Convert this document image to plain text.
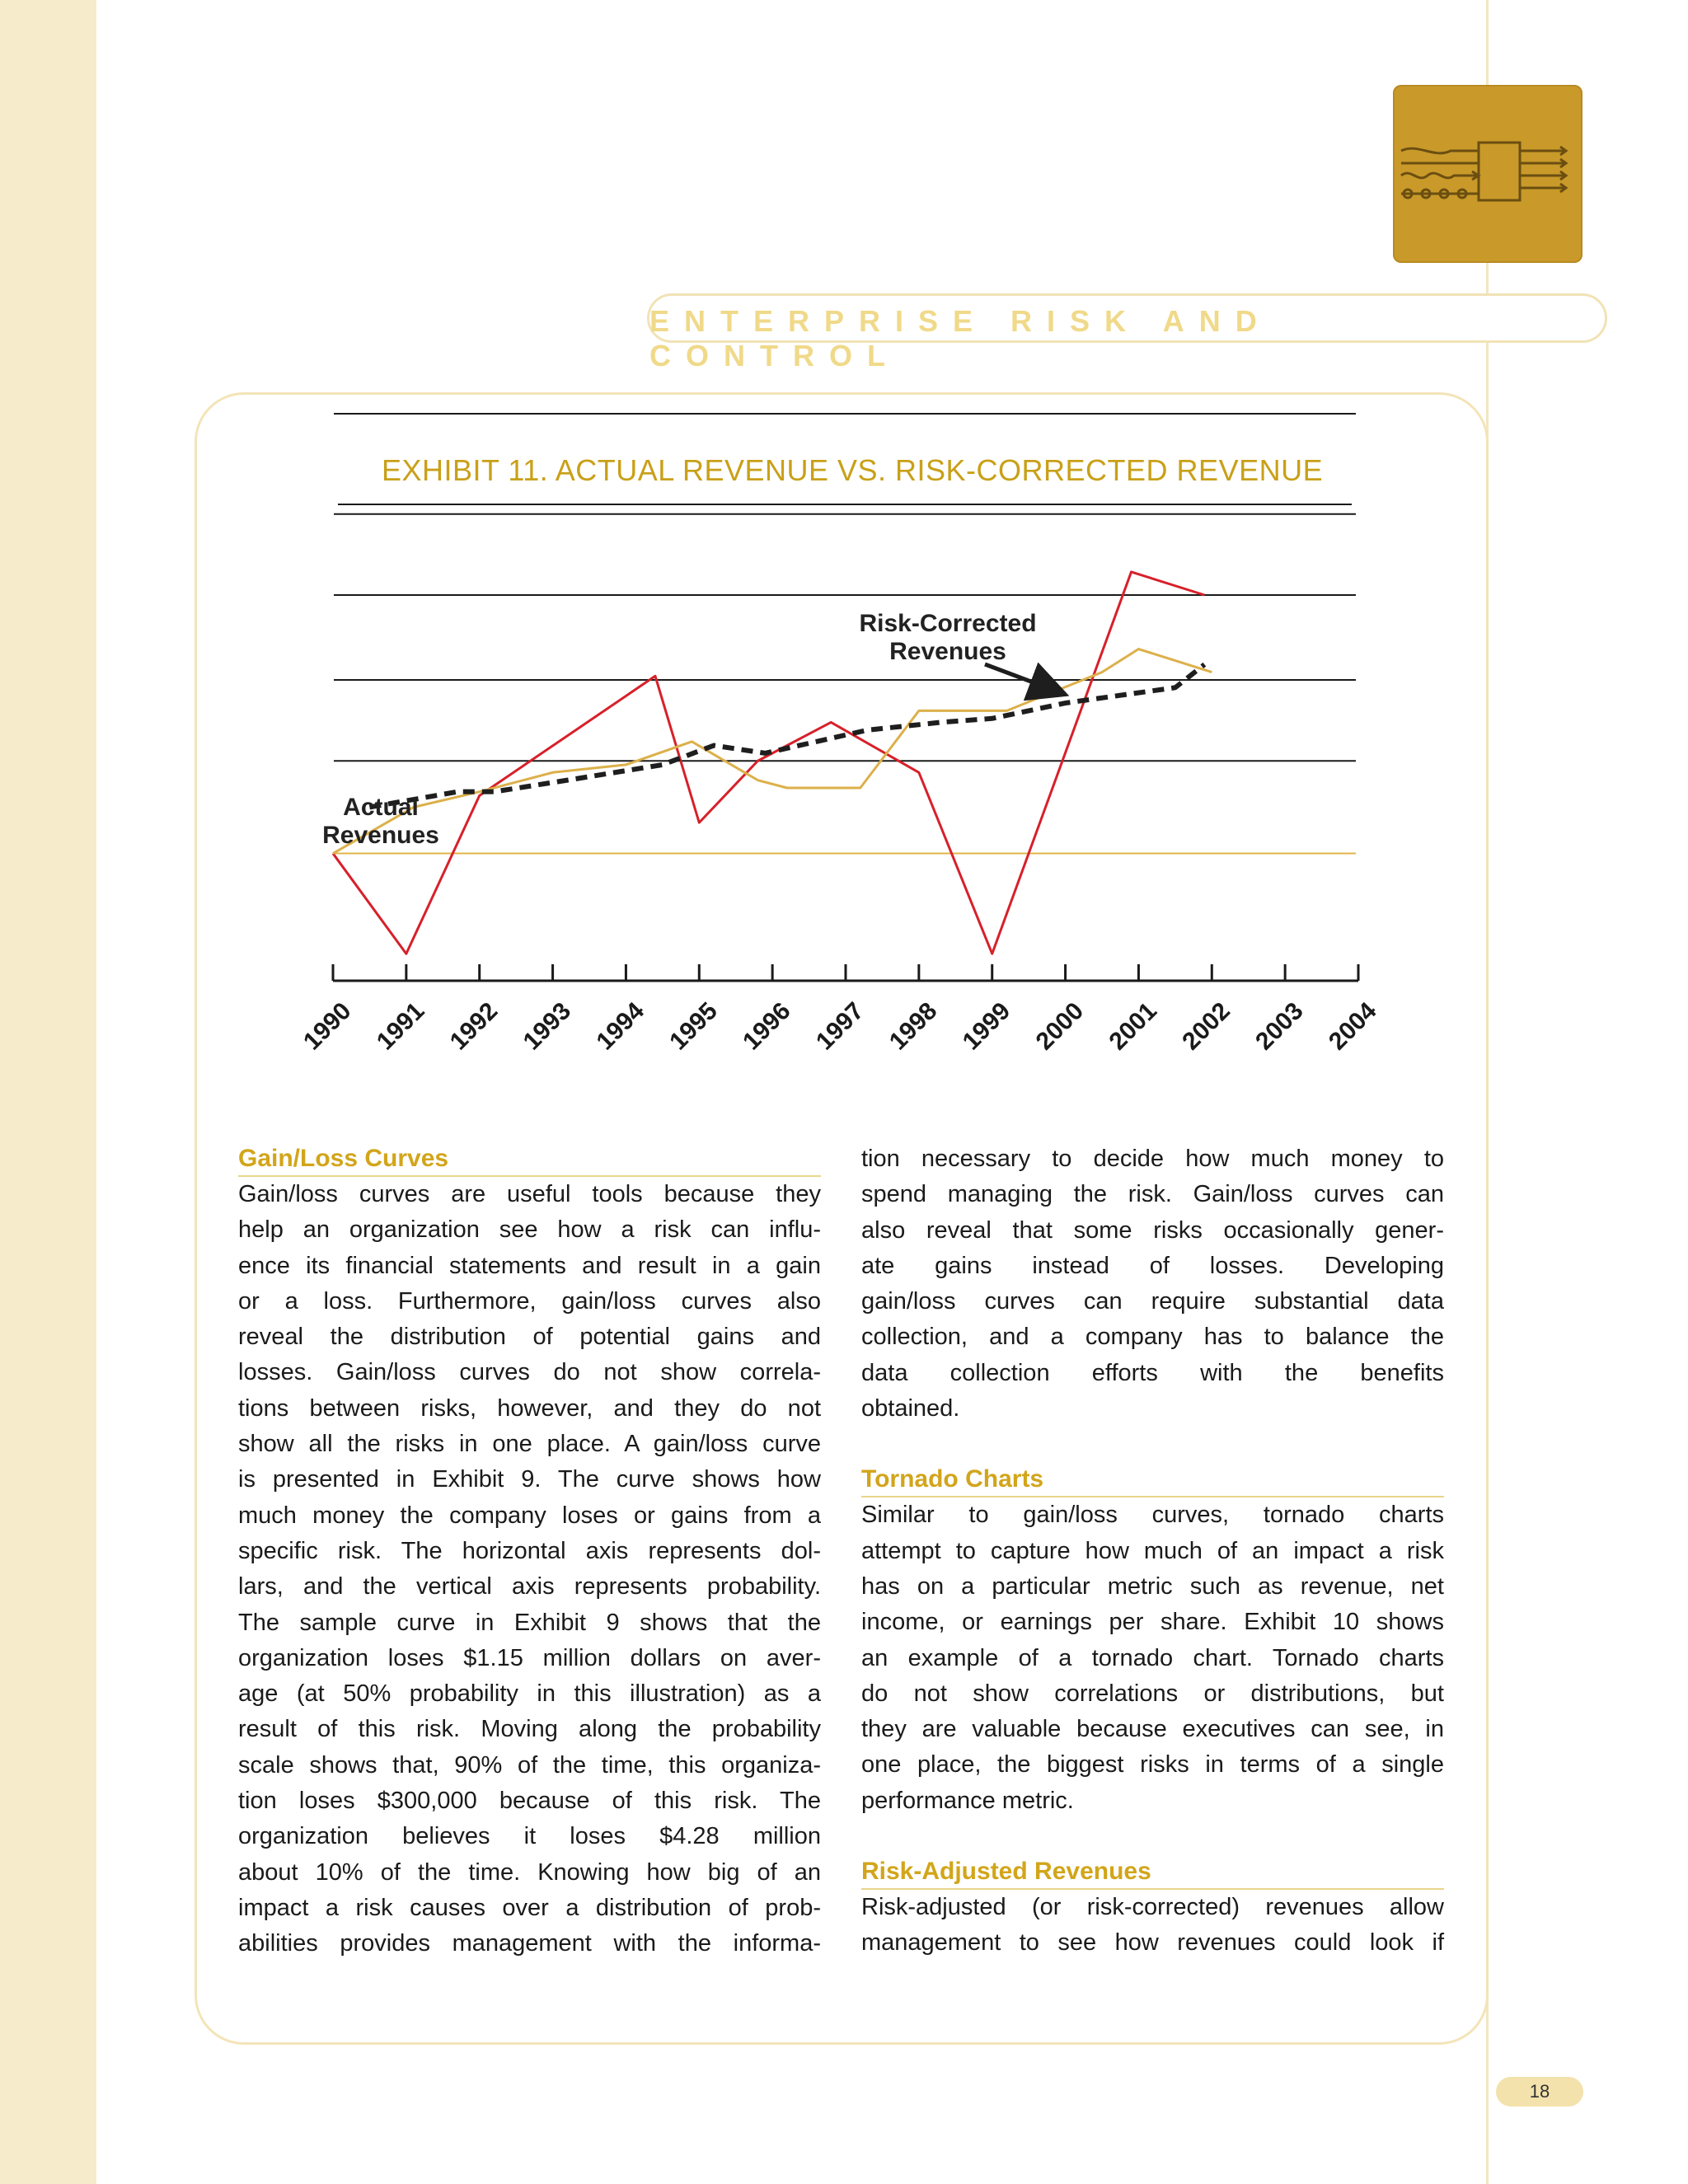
ENTERPRISE RISK AND CONTROL
EXHIBIT 11. ACTUAL REVENUE VS. RISK-CORRECTED REVENUE
1990 1991 1992 1993 1994 1995 1996 1997 1998 1999 2000 2001 2002 2003 2004
Risk-Corrected Revenues
Actual Revenues

Gain/Loss Curves

Gain/loss curves are useful tools because they
help an organization see how a risk can influ-
ence its financial statements and result in a gain
or a loss. Furthermore, gain/loss curves also
reveal the distribution of potential gains and
losses. Gain/loss curves do not show correla-
tions between risks, however, and they do not
show all the risks in one place. A gain/loss curve
is presented in Exhibit 9. The curve shows how
much money the company loses or gains from a
specific risk. The horizontal axis represents dol-
lars, and the vertical axis represents probability.
The sample curve in Exhibit 9 shows that the
organization loses $1.15 million dollars on aver-
age (at 50% probability in this illustration) as a
result of this risk. Moving along the probability
scale shows that, 90% of the time, this organiza-
tion loses $300,000 because of this risk. The
organization believes it loses $4.28 million
about 10% of the time. Knowing how big of an
impact a risk causes over a distribution of prob-
abilities provides management with the informa-
tion necessary to decide how much money to
spend managing the risk. Gain/loss curves can
also reveal that some risks occasionally gener-
ate gains instead of losses. Developing
gain/loss curves can require substantial data
collection, and a company has to balance the
data collection efforts with the benefits
obtained.

Tornado Charts

Similar to gain/loss curves, tornado charts
attempt to capture how much of an impact a risk
has on a particular metric such as revenue, net
income, or earnings per share. Exhibit 10 shows
an example of a tornado chart. Tornado charts
do not show correlations or distributions, but
they are valuable because executives can see, in
one place, the biggest risks in terms of a single
performance metric.

Risk-Adjusted Revenues

Risk-adjusted (or risk-corrected) revenues allow
management to see how revenues could look if
18
